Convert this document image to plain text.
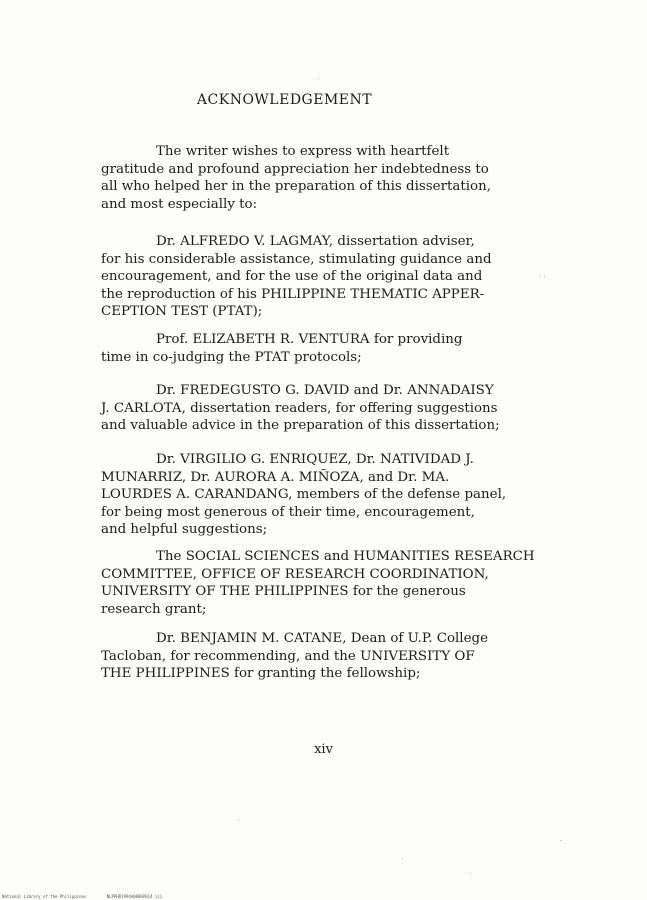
ACKNOWLEDGEMENT
The writer wishes to express with heartfelt
gratitude and profound appreciation her indebtedness to
all who helped her in the preparation of this dissertation,
and most especially to:
Dr. ALFREDO V. LAGMAY, dissertation adviser,
for his considerable assistance, stimulating guidance and
encouragement, and for the use of the original data and
the reproduction of his PHILIPPINE THEMATIC APPER-
CEPTION TEST (PTAT);
Prof. ELIZABETH R. VENTURA for providing
time in co-judging the PTAT protocols;
Dr. FREDEGUSTO G. DAVID and Dr. ANNADAISY
J. CARLOTA, dissertation readers, for offering suggestions
and valuable advice in the preparation of this dissertation;
Dr. VIRGILIO G. ENRIQUEZ, Dr. NATIVIDAD J.
MUNARRIZ, Dr. AURORA A. MIÑOZA, and Dr. MA.
LOURDES A. CARANDANG, members of the defense panel,
for being most generous of their time, encouragement,
and helpful suggestions;
The SOCIAL SCIENCES and HUMANITIES RESEARCH
COMMITTEE, OFFICE OF RESEARCH COORDINATION,
UNIVERSITY OF THE PHILIPPINES for the generous
research grant;
Dr. BENJAMIN M. CATANE, Dean of U.P. College
Tacloban, for recommending, and the UNIVERSITY OF
THE PHILIPPINES for granting the fellowship;
xiv
National Library of the Philippines	NLPPHD1994A0006P014 iii
